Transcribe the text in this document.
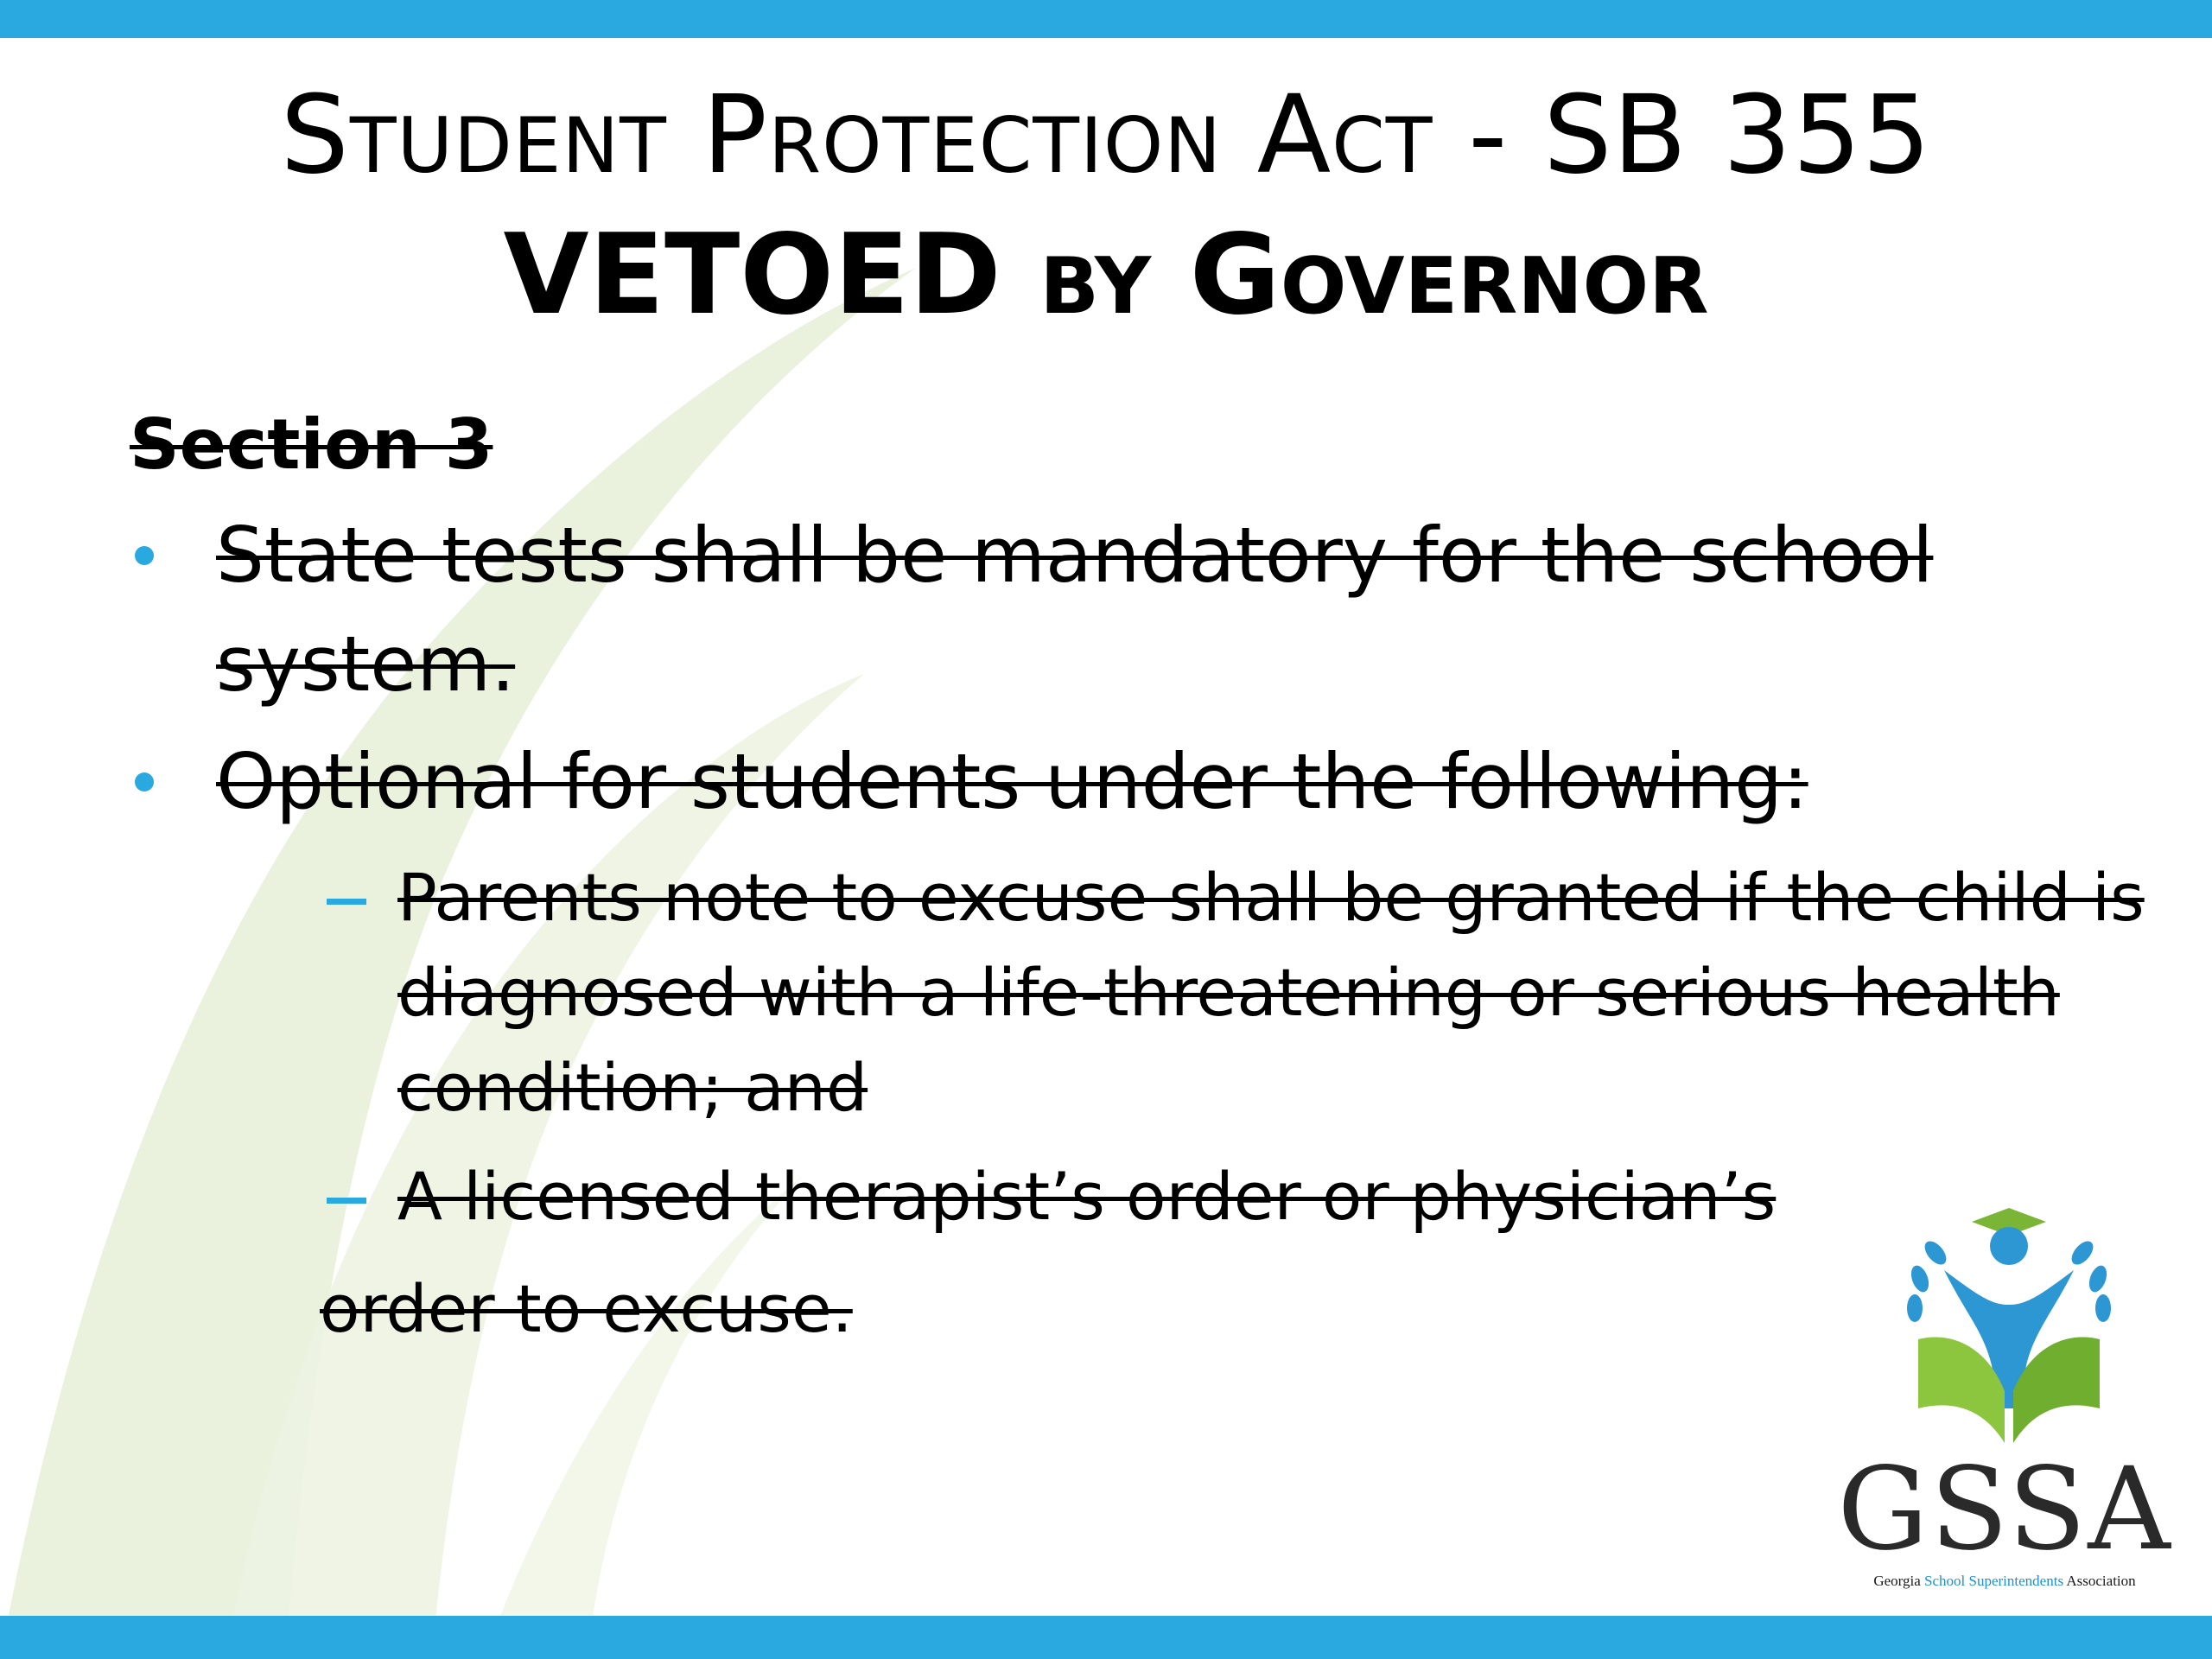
Student Protection Act - SB 355
VETOED by Governor

Section 3

State tests shall be mandatory for the school system.
Optional for students under the following:
Parents note to excuse shall be granted if the child is diagnosed with a life-threatening or serious health condition; and
A licensed therapist’s order or physician’s
order to excuse.
GSSA
Georgia School Superintendents Association
